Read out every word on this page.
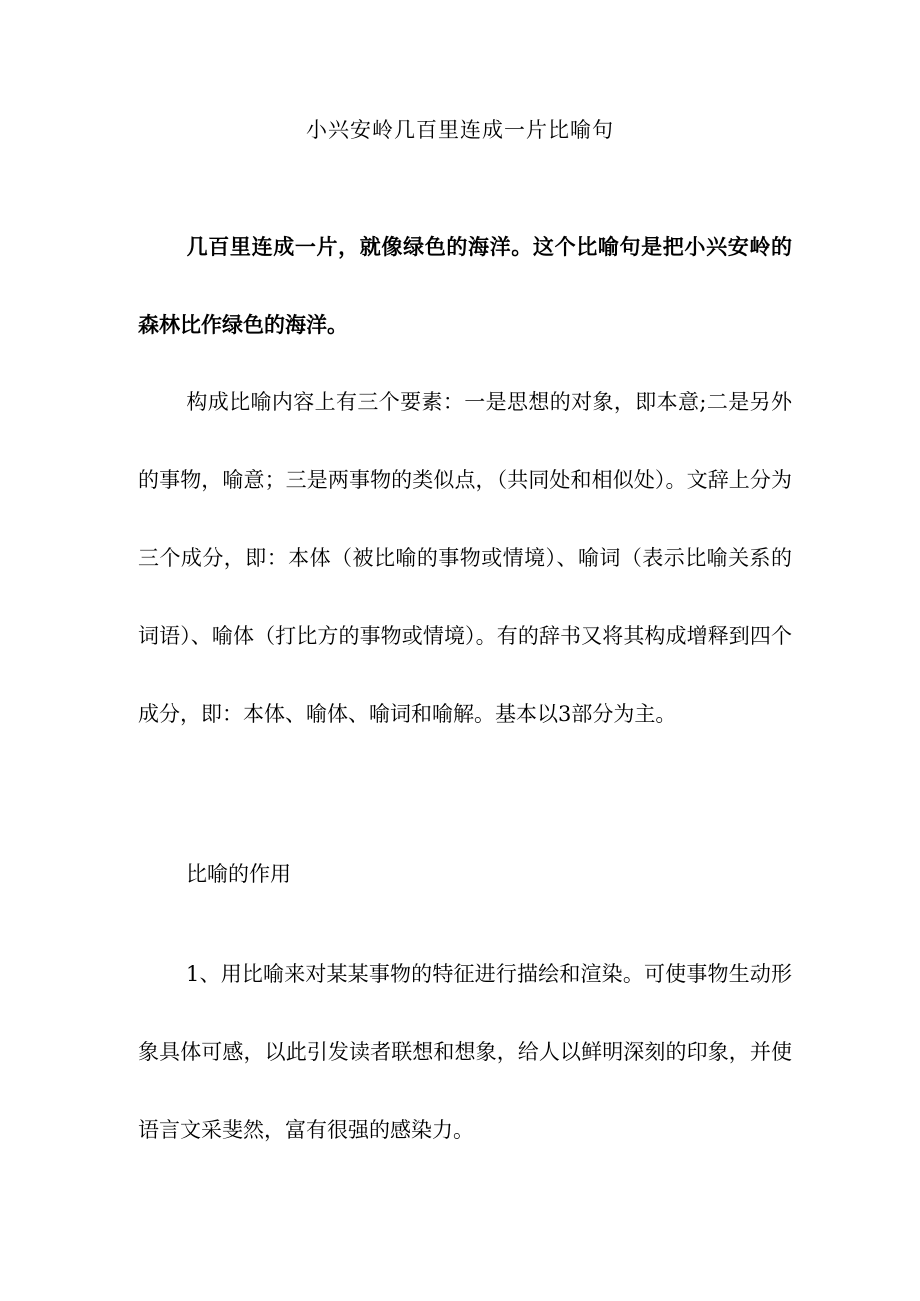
小兴安岭几百里连成一片比喻句

几百里连成一片，就像绿色的海洋。这个比喻句是把小兴安岭的森林比作绿色的海洋。

构成比喻内容上有三个要素：一是思想的对象，即本意;二是另外的事物，喻意；三是两事物的类似点，（共同处和相似处）。文辞上分为三个成分，即：本体（被比喻的事物或情境）、喻词（表示比喻关系的词语）、喻体（打比方的事物或情境）。有的辞书又将其构成增释到四个成分，即：本体、喻体、喻词和喻解。基本以3部分为主。

比喻的作用

1、用比喻来对某某事物的特征进行描绘和渲染。可使事物生动形象具体可感，以此引发读者联想和想象，给人以鲜明深刻的印象，并使语言文采斐然，富有很强的感染力。
